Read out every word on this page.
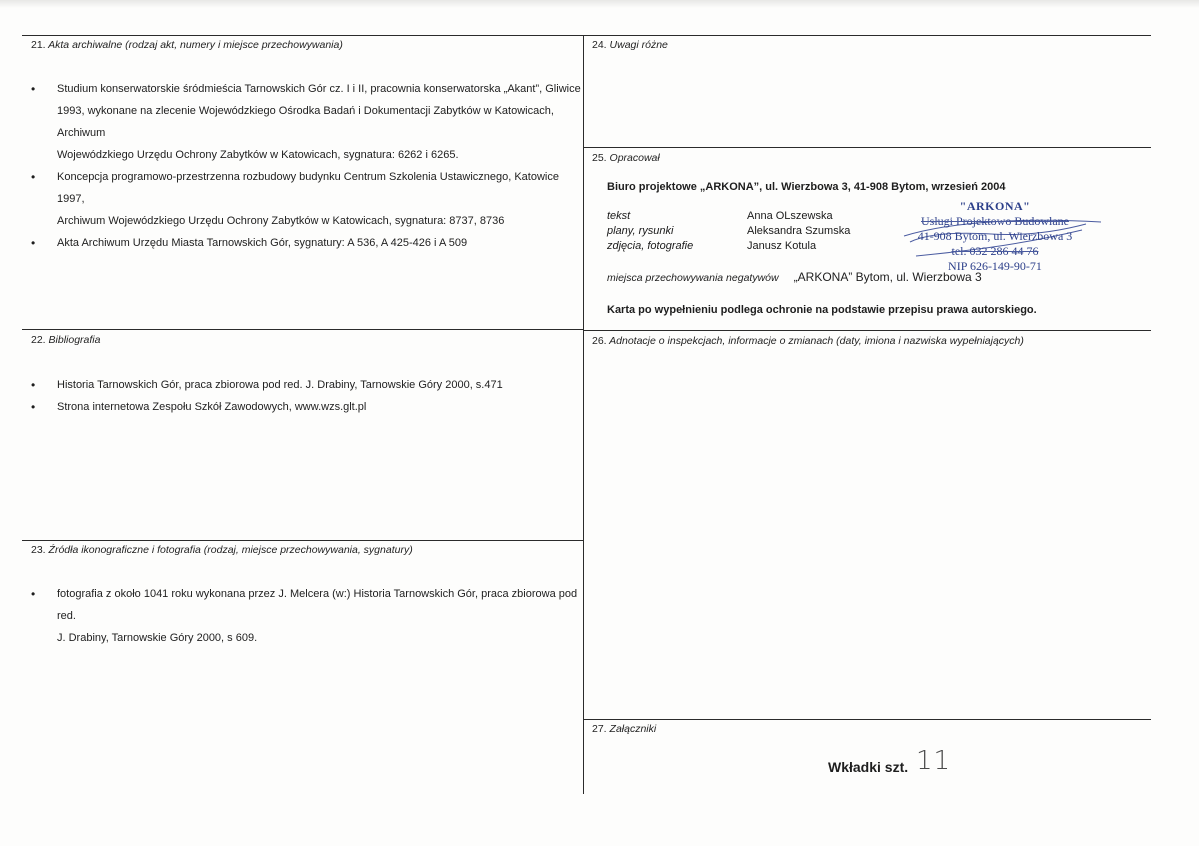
21. Akta archiwalne (rodzaj akt, numery i miejsce przechowywania)
• Studium konserwatorskie śródmieścia Tarnowskich Gór cz. I i II, pracownia konserwatorska „Akant”, Gliwice
1993, wykonane na zlecenie Wojewódzkiego Ośrodka Badań i Dokumentacji Zabytków w Katowicach, Archiwum
Wojewódzkiego Urzędu Ochrony Zabytków w Katowicach, sygnatura: 6262 i 6265.
• Koncepcja programowo-przestrzenna rozbudowy budynku Centrum Szkolenia Ustawicznego, Katowice 1997,
Archiwum Wojewódzkiego Urzędu Ochrony Zabytków w Katowicach, sygnatura: 8737, 8736
• Akta Archiwum Urzędu Miasta Tarnowskich Gór, sygnatury: A 536, A 425-426 i A 509
22. Bibliografia
• Historia Tarnowskich Gór, praca zbiorowa pod red. J. Drabiny, Tarnowskie Góry 2000, s.471
• Strona internetowa Zespołu Szkół Zawodowych, www.wzs.glt.pl
23. Źródła ikonograficzne i fotografia (rodzaj, miejsce przechowywania, sygnatury)
• fotografia z około 1041 roku wykonana przez J. Melcera (w:) Historia Tarnowskich Gór, praca zbiorowa pod red.
J. Drabiny, Tarnowskie Góry 2000, s 609.
24. Uwagi różne
25. Opracował
Biuro projektowe „ARKONA”, ul. Wierzbowa 3, 41-908 Bytom, wrzesień 2004
tekst	Anna OLszewska
plany, rysunki	Aleksandra Szumska
zdjęcia, fotografie	Janusz Kotula
miejsca przechowywania negatywów „ARKONA” Bytom, ul. Wierzbowa 3
Karta po wypełnieniu podlega ochronie na podstawie przepisu prawa autorskiego.
"ARKONA"
Usługi Projektowo Budowlane
41-908 Bytom, ul. Wierzbowa 3
tel. 032 286 44 76
NIP 626-149-90-71
26. Adnotacje o inspekcjach, informacje o zmianach (daty, imiona i nazwiska wypełniających)
27. Załączniki
Wkładki szt. 11
